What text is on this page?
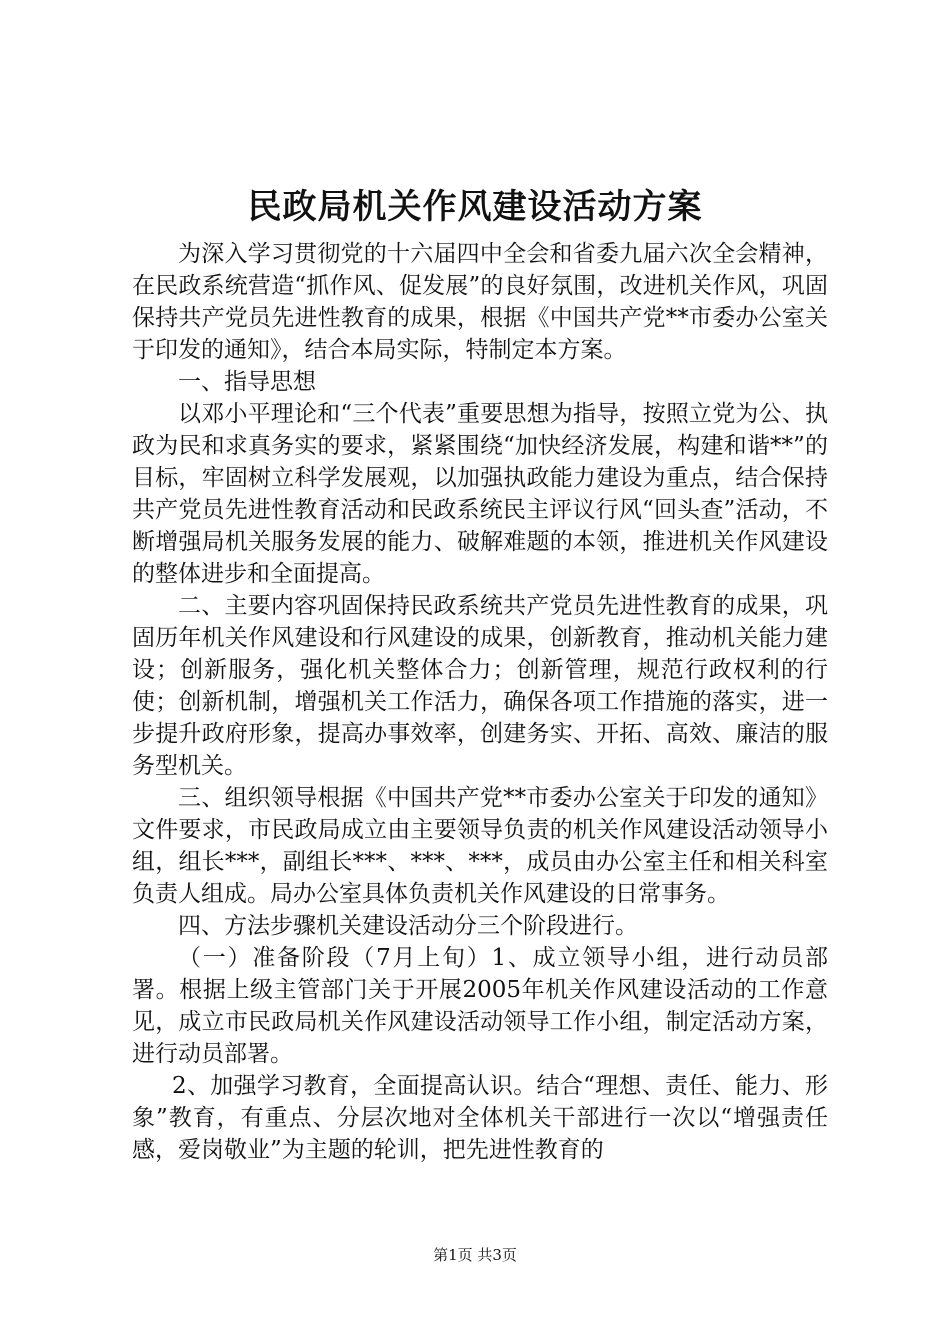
民政局机关作风建设活动方案

为深入学习贯彻党的十六届四中全会和省委九届六次全会精神，在民政系统营造“抓作风、促发展”的良好氛围，改进机关作风，巩固保持共产党员先进性教育的成果，根据《中国共产党**市委办公室关于印发的通知》，结合本局实际，特制定本方案。

一、指导思想

以邓小平理论和“三个代表”重要思想为指导，按照立党为公、执政为民和求真务实的要求，紧紧围绕“加快经济发展，构建和谐**”的目标，牢固树立科学发展观，以加强执政能力建设为重点，结合保持共产党员先进性教育活动和民政系统民主评议行风“回头查”活动，不断增强局机关服务发展的能力、破解难题的本领，推进机关作风建设的整体进步和全面提高。

二、主要内容巩固保持民政系统共产党员先进性教育的成果，巩固历年机关作风建设和行风建设的成果，创新教育，推动机关能力建设；创新服务，强化机关整体合力；创新管理，规范行政权利的行使；创新机制，增强机关工作活力，确保各项工作措施的落实，进一步提升政府形象，提高办事效率，创建务实、开拓、高效、廉洁的服务型机关。

三、组织领导根据《中国共产党**市委办公室关于印发的通知》文件要求，市民政局成立由主要领导负责的机关作风建设活动领导小组，组长***，副组长***、***、***，成员由办公室主任和相关科室负责人组成。局办公室具体负责机关作风建设的日常事务。

四、方法步骤机关建设活动分三个阶段进行。

（一）准备阶段（7月上旬）1、成立领导小组，进行动员部署。根据上级主管部门关于开展2005年机关作风建设活动的工作意见，成立市民政局机关作风建设活动领导工作小组，制定活动方案，进行动员部署。

2、加强学习教育，全面提高认识。结合“理想、责任、能力、形象”教育，有重点、分层次地对全体机关干部进行一次以“增强责任感，爱岗敬业”为主题的轮训，把先进性教育的

第1页 共3页
